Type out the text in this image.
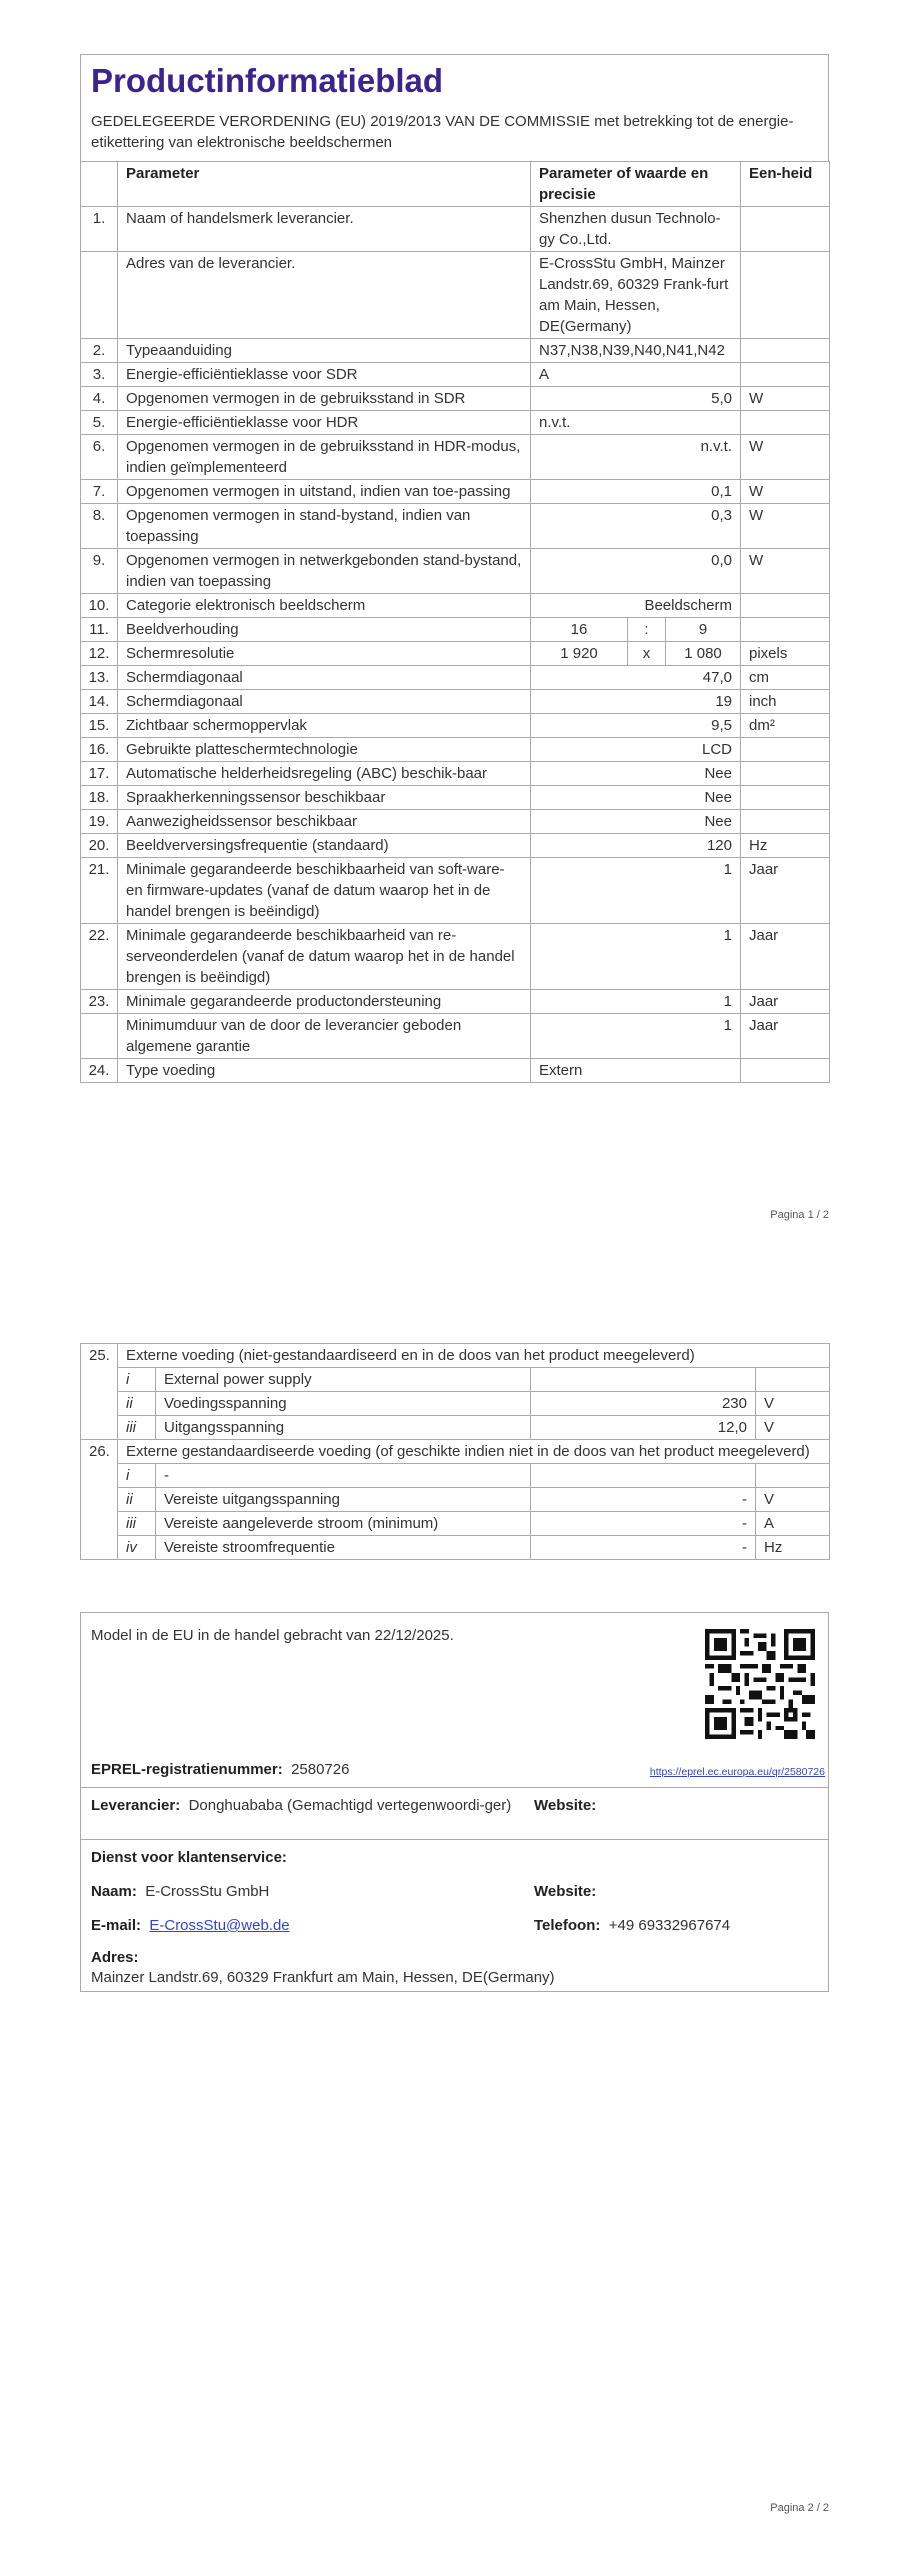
Productinformatieblad

GEDELEGEERDE VERORDENING (EU) 2019/2013 VAN DE COMMISSIE met betrekking tot de energie-etikettering van elektronische beeldschermen

	Parameter	Parameter of waarde en precisie			Een-heid
1.	Naam of handelsmerk leverancier.	Shenzhen dusun Technolo-gy Co.,Ltd.			
	Adres van de leverancier.	E-CrossStu GmbH, Mainzer Landstr.69, 60329 Frank-furt am Main, Hessen, DE(Germany)			
2.	Typeaanduiding	N37,N38,N39,N40,N41,N42			
3.	Energie-efficiëntieklasse voor SDR	A			
4.	Opgenomen vermogen in de gebruiksstand in SDR	5,0			W
5.	Energie-efficiëntieklasse voor HDR	n.v.t.			
6.	Opgenomen vermogen in de gebruiksstand in HDR-modus, indien geïmplementeerd	n.v.t.			W
7.	Opgenomen vermogen in uitstand, indien van toe-passing	0,1			W
8.	Opgenomen vermogen in stand-bystand, indien van toepassing	0,3			W
9.	Opgenomen vermogen in netwerkgebonden stand-bystand, indien van toepassing	0,0			W
10.	Categorie elektronisch beeldscherm	Beeldscherm			
11.	Beeldverhouding	16	:	9	
12.	Schermresolutie	1 920	x	1 080	pixels
13.	Schermdiagonaal	47,0			cm
14.	Schermdiagonaal	19			inch
15.	Zichtbaar schermoppervlak	9,5			dm²
16.	Gebruikte platteschermtechnologie	LCD			
17.	Automatische helderheidsregeling (ABC) beschik-baar	Nee			
18.	Spraakherkenningssensor beschikbaar	Nee			
19.	Aanwezigheidssensor beschikbaar	Nee			
20.	Beeldverversingsfrequentie (standaard)	120			Hz
21.	Minimale gegarandeerde beschikbaarheid van soft-ware- en firmware-updates (vanaf de datum waarop het in de handel brengen is beëindigd)	1			Jaar
22.	Minimale gegarandeerde beschikbaarheid van re-serveonderdelen (vanaf de datum waarop het in de handel brengen is beëindigd)	1			Jaar
23.	Minimale gegarandeerde productondersteuning	1			Jaar
	Minimumduur van de door de leverancier geboden algemene garantie	1			Jaar
24.	Type voeding	Extern			
Pagina 1 / 2
25.	Externe voeding (niet-gestandaardiseerd en in de doos van het product meegeleverd)			
	i	External power supply		
	ii	Voedingsspanning	230	V
	iii	Uitgangsspanning	12,0	V
26.	Externe gestandaardiseerde voeding (of geschikte indien niet in de doos van het product meegeleverd)			
	i	-		
	ii	Vereiste uitgangsspanning	-	V
	iii	Vereiste aangeleverde stroom (minimum)	-	A
	iv	Vereiste stroomfrequentie	-	Hz
Model in de EU in de handel gebracht van 22/12/2025.
EPREL-registratienummer: 2580726	https://eprel.ec.europa.eu/qr/2580726
Leverancier: Donghuababa (Gemachtigd vertegenwoordi-ger)	Website:
Dienst voor klantenservice:
Naam: E-CrossStu GmbH	Website:
E-mail: E-CrossStu@web.de	Telefoon: +49 69332967674
Adres:
Mainzer Landstr.69, 60329 Frankfurt am Main, Hessen, DE(Germany)
Pagina 2 / 2
